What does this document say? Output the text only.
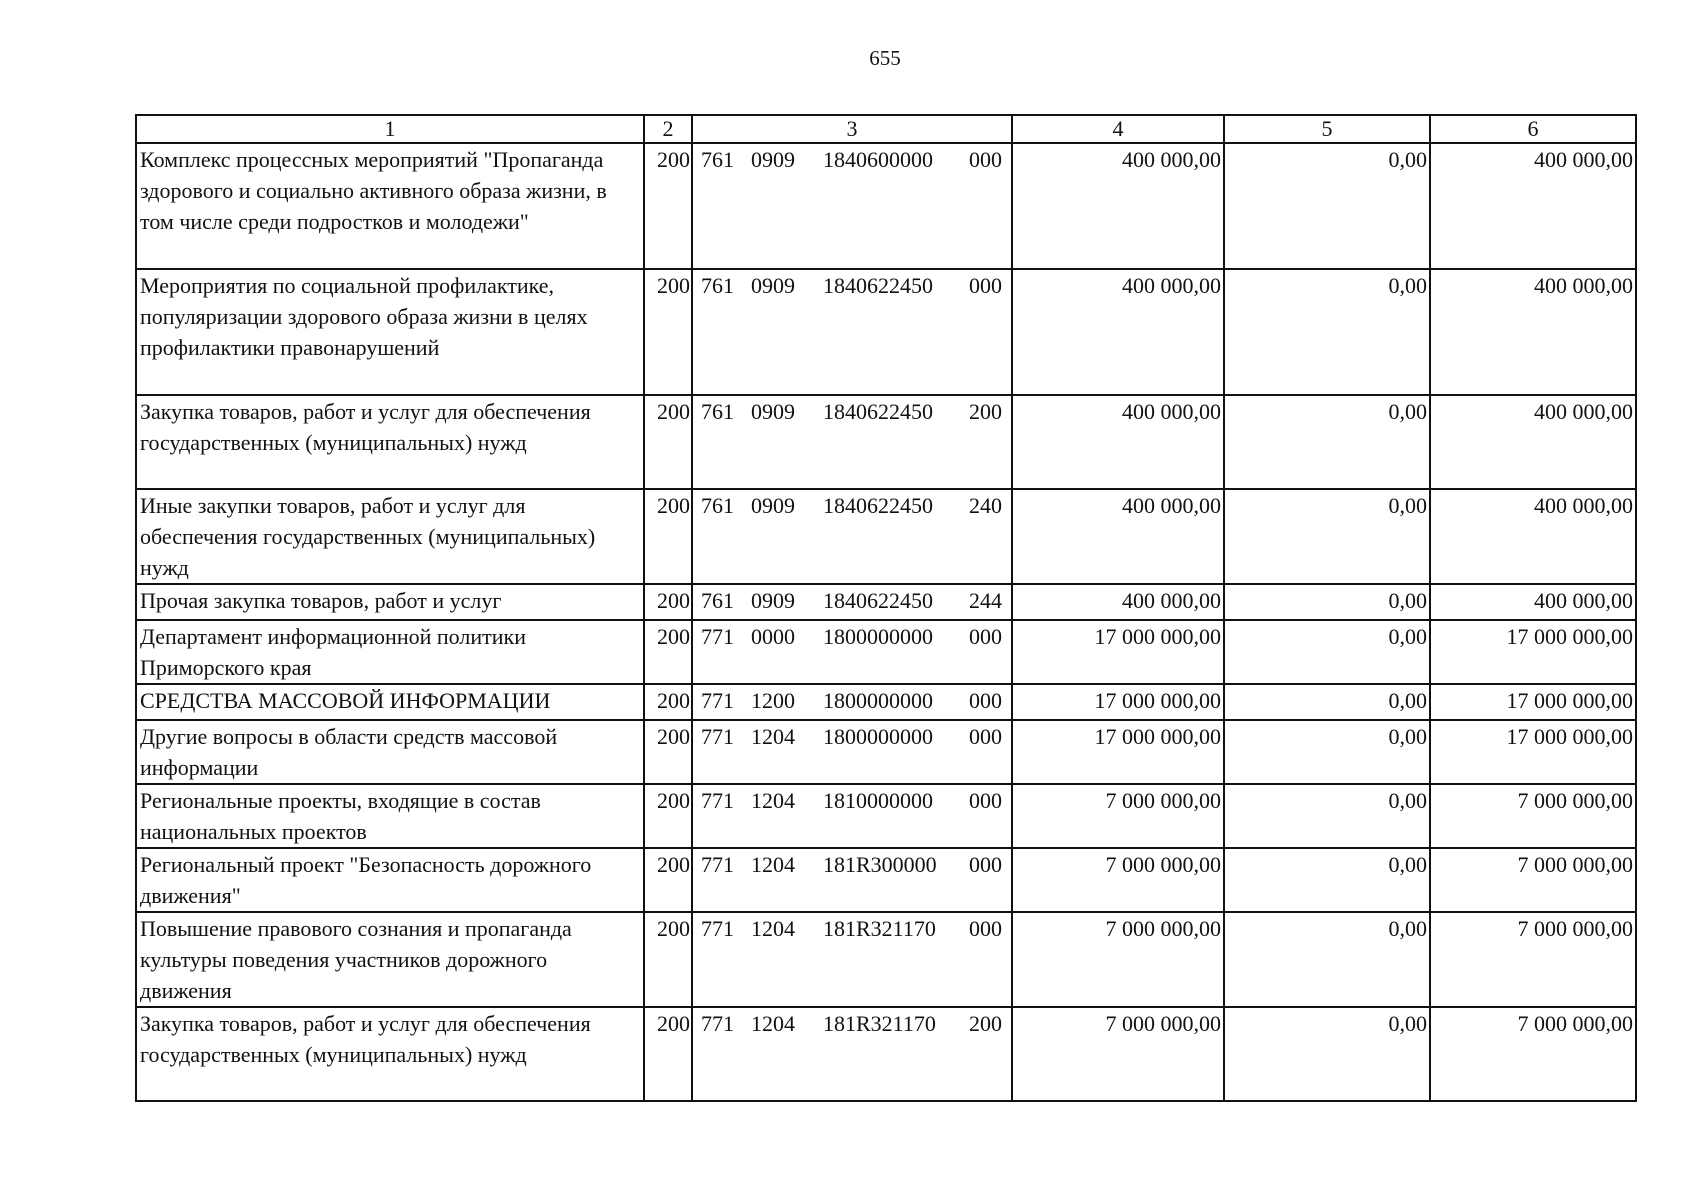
655
1	2	3	4	5	6
Комплекс процессных мероприятий "Пропаганда здорового и социально активного образа жизни, в том числе среди подростков и молодежи"	200	761 0909 1840600000 000	400 000,00	0,00	400 000,00
Мероприятия по социальной профилактике, популяризации здорового образа жизни в целях профилактики правонарушений	200	761 0909 1840622450 000	400 000,00	0,00	400 000,00
Закупка товаров, работ и услуг для обеспечения государственных (муниципальных) нужд	200	761 0909 1840622450 200	400 000,00	0,00	400 000,00
Иные закупки товаров, работ и услуг для обеспечения государственных (муниципальных) нужд	200	761 0909 1840622450 240	400 000,00	0,00	400 000,00
Прочая закупка товаров, работ и услуг	200	761 0909 1840622450 244	400 000,00	0,00	400 000,00
Департамент информационной политики Приморского края	200	771 0000 1800000000 000	17 000 000,00	0,00	17 000 000,00
СРЕДСТВА МАССОВОЙ ИНФОРМАЦИИ	200	771 1200 1800000000 000	17 000 000,00	0,00	17 000 000,00
Другие вопросы в области средств массовой информации	200	771 1204 1800000000 000	17 000 000,00	0,00	17 000 000,00
Региональные проекты, входящие в состав национальных проектов	200	771 1204 1810000000 000	7 000 000,00	0,00	7 000 000,00
Региональный проект "Безопасность дорожного движения"	200	771 1204 181R300000 000	7 000 000,00	0,00	7 000 000,00
Повышение правового сознания и пропаганда культуры поведения участников дорожного движения	200	771 1204 181R321170 000	7 000 000,00	0,00	7 000 000,00
Закупка товаров, работ и услуг для обеспечения государственных (муниципальных) нужд	200	771 1204 181R321170 200	7 000 000,00	0,00	7 000 000,00
